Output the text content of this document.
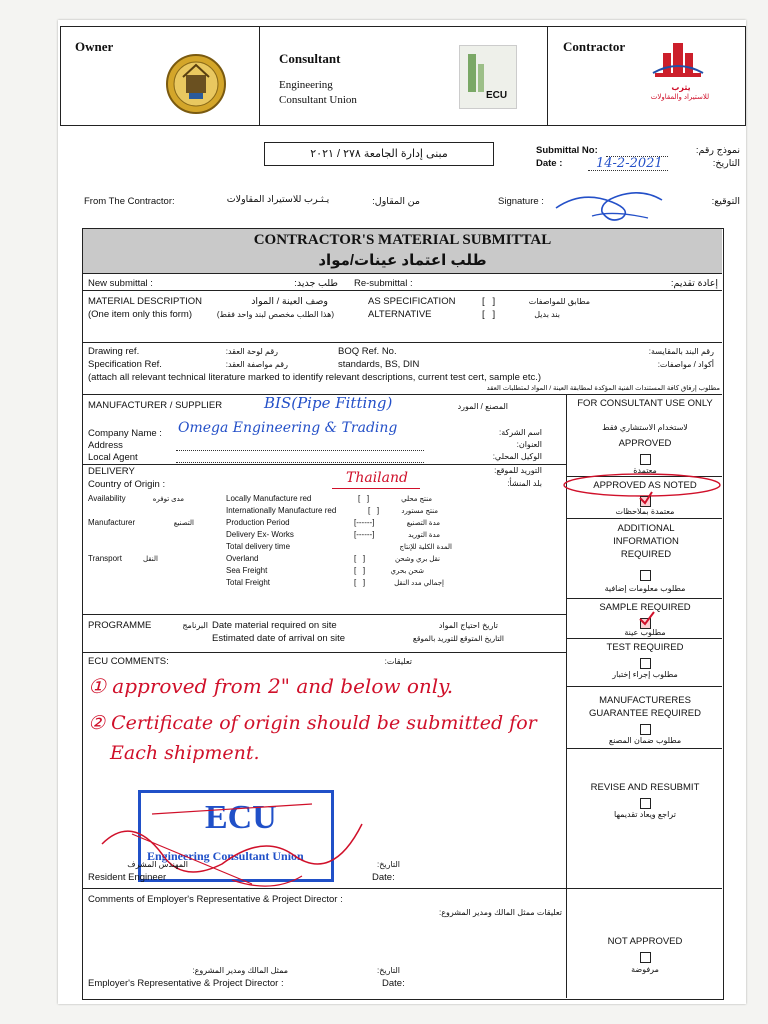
Owner
Consultant
Engineering
Consultant Union	ECU
Contractor
يثرب
للاستيراد والمقاولات
مبنى إدارة الجامعة ٢٧٨ / ٢٠٢١	Submittal No:
Date :	14-2-2021
نموذج رقم:
التاريخ:
From The Contractor:	يـثـرب للاستيراد المقاولات	من المقاول:	Signature :	التوقيع:
CONTRACTOR'S MATERIAL SUBMITTAL
طلب اعتماد عينات/مواد
New submittal :	طلب جديد: Re-submittal :	إعادة تقديم:
MATERIAL DESCRIPTION	وصف العينة / المواد
(One item only this form)	(هذا الطلب مخصص لبند واحد فقط)
AS SPECIFICATION	[   ]	مطابق للمواصفات
ALTERNATIVE	[   ]	بند بديل
Drawing ref.	رقم لوحة العقد:
Specification Ref.	رقم مواصفة العقد:
BOQ Ref. No.	رقم البند بالمقايسة:
standards, BS, DIN	أكواد / مواصفات:
(attach all relevant technical literature marked to identify relevant descriptions, current test cert, sample etc.)
مطلوب إرفاق كافة المستندات الفنية المؤكدة لمطابقة العينة / المواد لمتطلبات العقد
MANUFACTURER / SUPPLIER	BIS(Pipe Fitting)	المصنع / المورد
Company Name : Omega Engineering & Trading	اسم الشركة:
Address	العنوان:
Local Agent	الوكيل المحلي:
DELIVERY	التوريد للموقع:
Country of Origin :	Thailand	بلد المنشأ:
Availability	مدى توفره	Locally Manufacture red	[   ]	منتج محلي
Internationally Manufacture red	[   ]	منتج مستورد
Manufacturer	التصنيع	Production Period	[------]	مدة التصنيع
Delivery Ex- Works	[------]	مدة التوريد
Total delivery time	المدة الكلية للإنتاج
Transport	النقل	Overland	[   ]	نقل بري وشحن
Sea Freight	[   ]	شحن بحري
Total Freight	[   ]	إجمالي مدد النقل
PROGRAMME	البرنامج Date material required on site	تاريخ احتياج المواد
Estimated date of arrival on site	التاريخ المتوقع للتوريد بالموقع
ECU COMMENTS:	تعليقات:
① approved from 2" and below only.
② Certificate of origin should be submitted for
Each shipment.
ECU
Engineering Consultant Union
المهندس المشرف
Resident Engineer
التاريخ:
Date:
Comments of Employer's Representative & Project Director :
تعليقات ممثل المالك ومدير المشروع:
ممثل المالك ومدير المشروع:
Employer's Representative & Project Director :
التاريخ:
Date:
FOR CONSULTANT USE ONLY
لاستخدام الاستشاري فقط
APPROVED
معتمدة
APPROVED AS NOTED
معتمدة بملاحظات
ADDITIONAL INFORMATION REQUIRED
مطلوب معلومات إضافية
SAMPLE REQUIRED
مطلوب عينة
TEST REQUIRED
مطلوب إجراء إختبار
MANUFACTURERES GUARANTEE REQUIRED
مطلوب ضمان المصنع
REVISE AND RESUBMIT
تراجع ويعاد تقديمها
NOT APPROVED
مرفوضة
